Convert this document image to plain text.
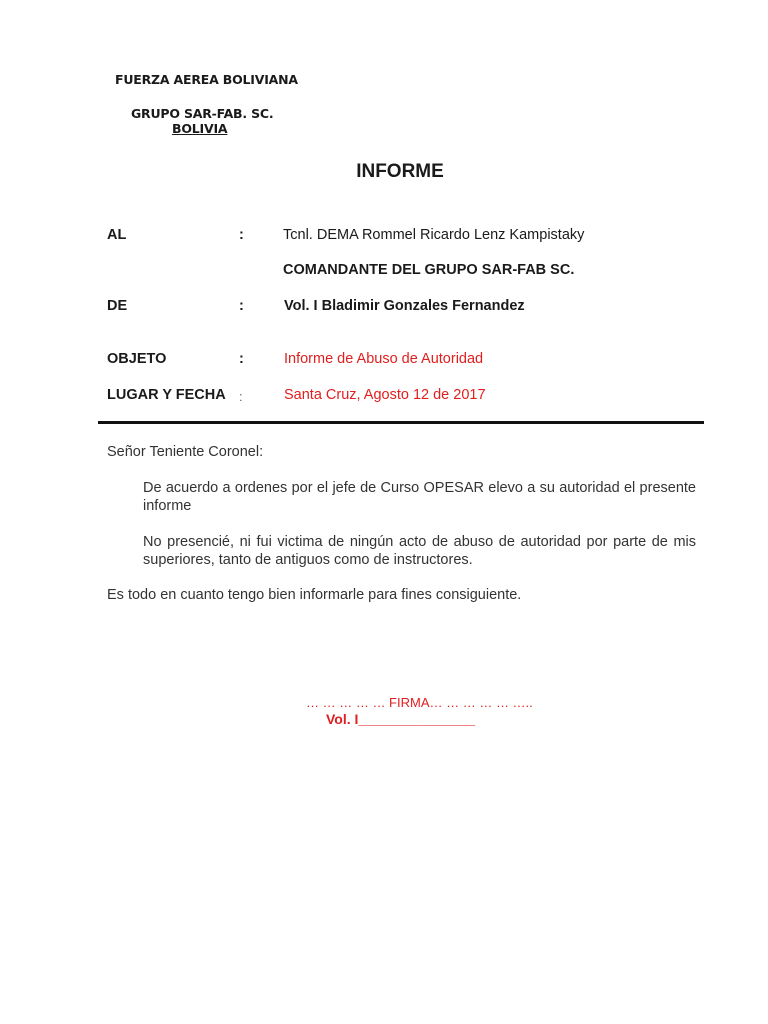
FUERZA AEREA BOLIVIANA
GRUPO SAR-FAB. SC.
BOLIVIA
INFORME
AL	:	Tcnl. DEMA Rommel Ricardo Lenz Kampistaky
COMANDANTE DEL GRUPO SAR-FAB SC.
DE	:	Vol. I Bladimir Gonzales Fernandez
OBJETO	:	Informe de Abuso de Autoridad
LUGAR Y FECHA :	Santa Cruz, Agosto 12 de 2017
Señor Teniente Coronel:
De acuerdo a ordenes por el jefe de Curso OPESAR elevo a su autoridad el presente informe
No presencié, ni fui victima de ningún acto de abuso de autoridad por parte de mis superiores, tanto de antiguos como de instructores.
Es todo en cuanto tengo bien informarle para fines consiguiente.
… … … … … FIRMA… … … … … …..
Vol. I_______________
